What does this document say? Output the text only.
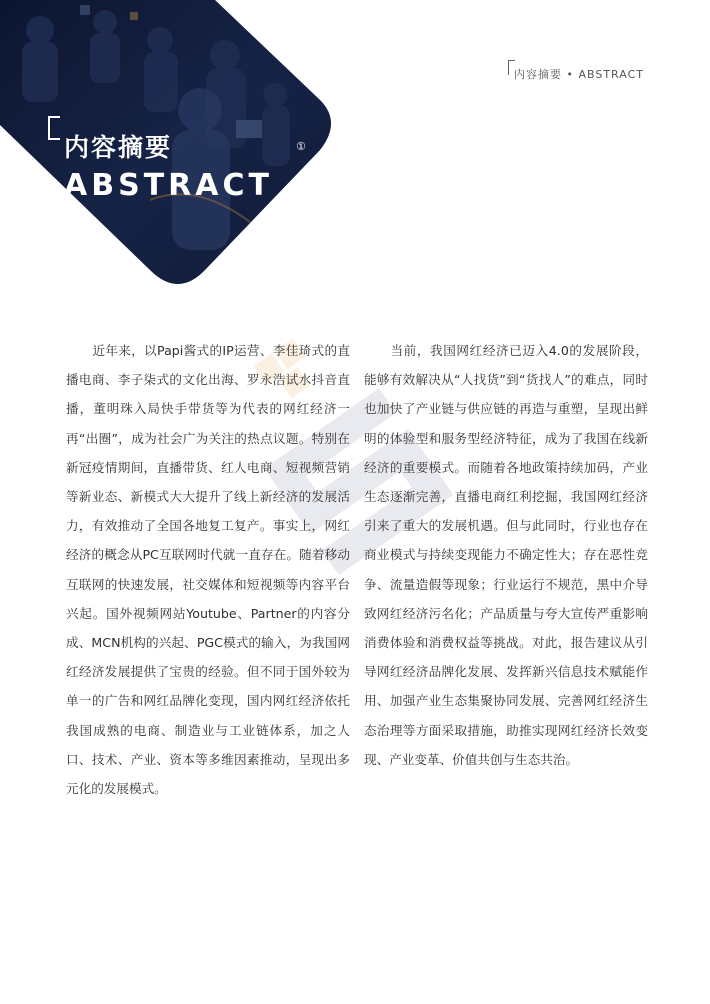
内容摘要
ABSTRACT
①
内容摘要 • ABSTRACT

近年来，以Papi酱式的IP运营、李佳琦式的直播电商、李子柒式的文化出海、罗永浩试水抖音直播，董明珠入局快手带货等为代表的网红经济一再“出圈”，成为社会广为关注的热点议题。特别在新冠疫情期间，直播带货、红人电商、短视频营销等新业态、新模式大大提升了线上新经济的发展活力，有效推动了全国各地复工复产。事实上，网红经济的概念从PC互联网时代就一直存在。随着移动互联网的快速发展，社交媒体和短视频等内容平台兴起。国外视频网站Youtube、Partner的内容分成、MCN机构的兴起、PGC模式的输入，为我国网红经济发展提供了宝贵的经验。但不同于国外较为单一的广告和网红品牌化变现，国内网红经济依托我国成熟的电商、制造业与工业链体系，加之人口、技术、产业、资本等多维因素推动，呈现出多元化的发展模式。

当前，我国网红经济已迈入4.0的发展阶段，能够有效解决从“人找货”到“货找人”的难点，同时也加快了产业链与供应链的再造与重塑，呈现出鲜明的体验型和服务型经济特征，成为了我国在线新经济的重要模式。而随着各地政策持续加码，产业生态逐渐完善，直播电商红利挖掘，我国网红经济引来了重大的发展机遇。但与此同时，行业也存在商业模式与持续变现能力不确定性大；存在恶性竞争、流量造假等现象；行业运行不规范，黑中介导致网红经济污名化；产品质量与夸大宣传严重影响消费体验和消费权益等挑战。对此，报告建议从引导网红经济品牌化发展、发挥新兴信息技术赋能作用、加强产业生态集聚协同发展、完善网红经济生态治理等方面采取措施，助推实现网红经济长效变现、产业变革、价值共创与生态共治。
